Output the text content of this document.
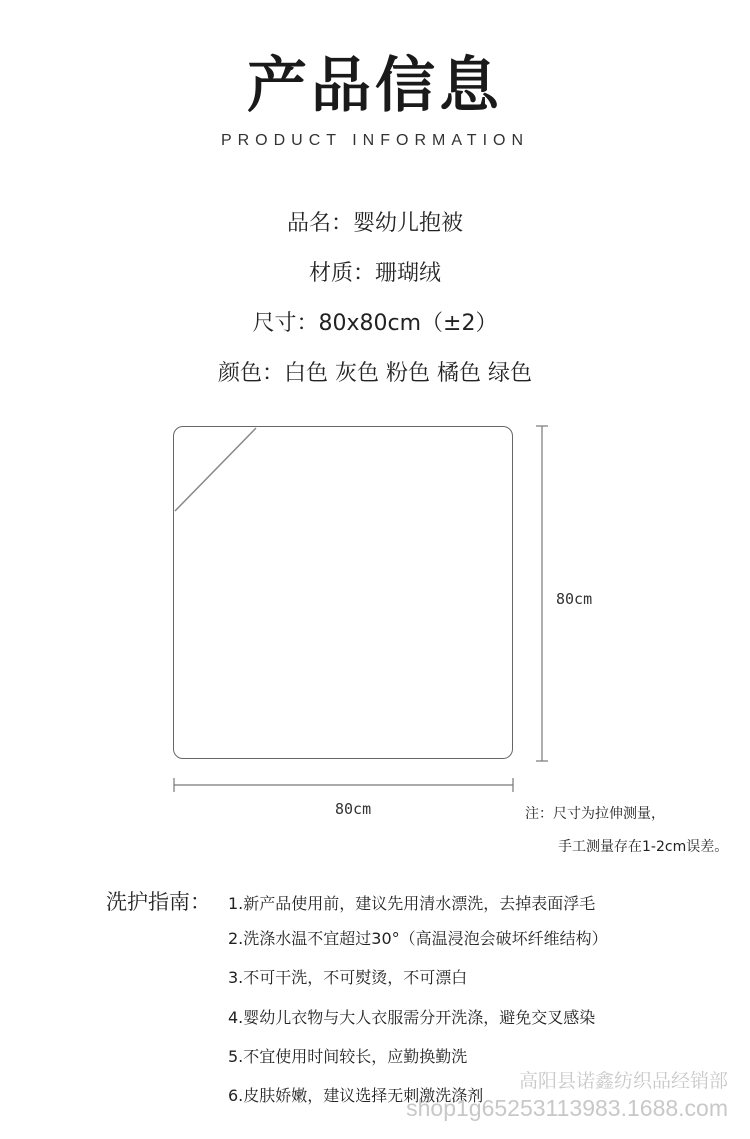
产品信息
PRODUCT INFORMATION
品名：婴幼儿抱被
材质：珊瑚绒
尺寸：80x80cm（±2）
颜色：白色 灰色 粉色 橘色 绿色
80cm
80cm	注：尺寸为拉伸测量，
手工测量存在1-2cm误差。
洗护指南： 1.新产品使用前，建议先用清水漂洗，去掉表面浮毛
2.洗涤水温不宜超过30°（高温浸泡会破坏纤维结构）
3.不可干洗，不可熨烫，不可漂白
4.婴幼儿衣物与大人衣服需分开洗涤，避免交叉感染
5.不宜使用时间较长，应勤换勤洗
6.皮肤娇嫩，建议选择无刺激洗涤剂
高阳县诺鑫纺织品经销部
shop1g65253113983.1688.com
